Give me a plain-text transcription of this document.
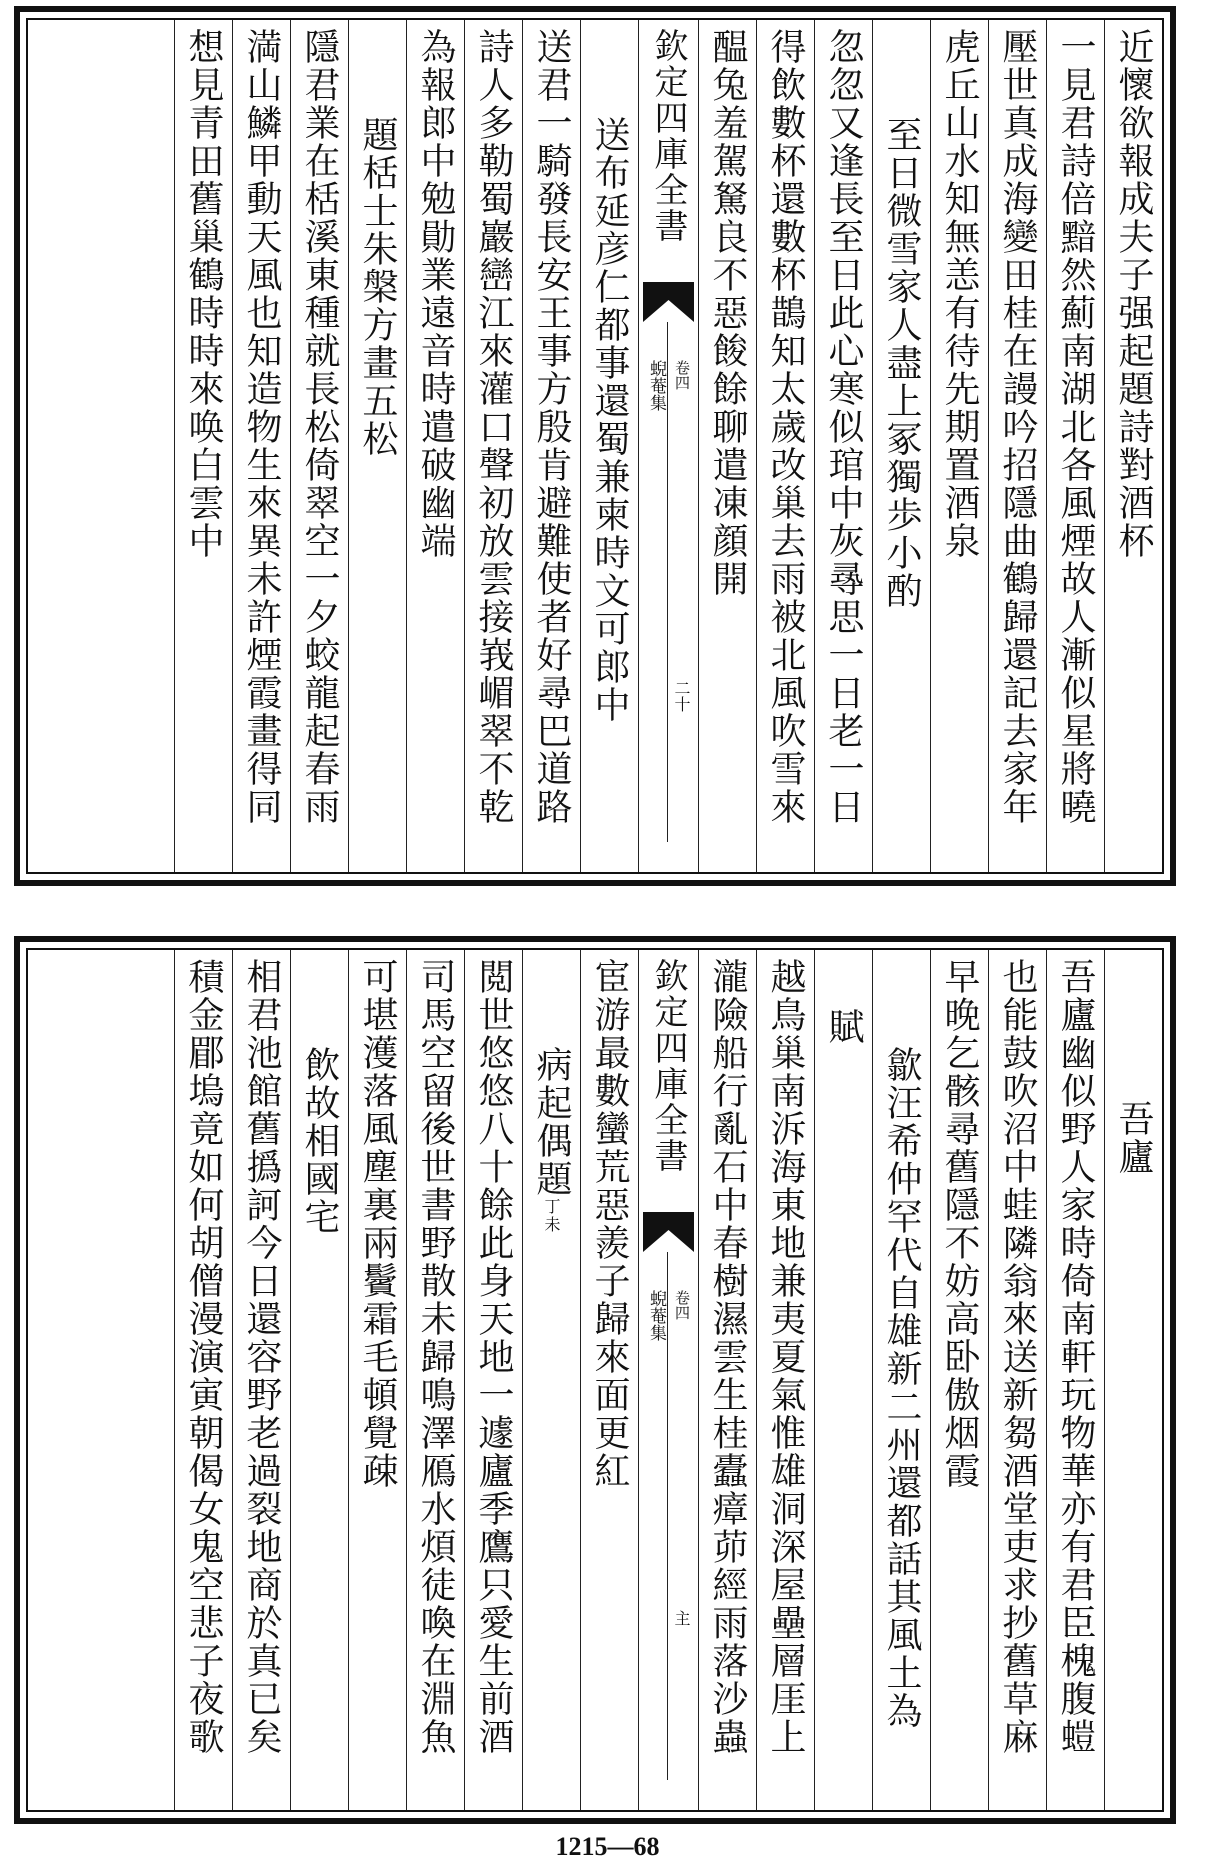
近懷欲報成夫子强起題詩對酒杯
一見君詩倍黯然薊南湖北各風煙故人漸似星將曉
壓世真成海變田桂在謾吟招隱曲鶴歸還記去家年
虎丘山水知無恙有待先期置酒泉
至日微雪家人盡上冢獨歩小酌
忽忽又逢長至日此心寒似琯中灰㝷思一日老一日
得飲數杯還數杯鵲知太歲改巢去雨被北風吹雪來
醖兔羞駕駑良不惡餕餘聊遣凍顔開
欽定四庫全書
蜺菴集 卷四
二十
送布延彦仁都事還蜀兼柬時文可郎中
送君一騎發長安王事方殷肯避難使者好尋巴道路
詩人多勒蜀巖巒江來灌口聲初放雲接峩嵋翠不乾
為報郎中勉勛業遠音時遣破幽端
題栝士朱槃方畫五松
隱君業在栝溪東種就長松倚翠空一夕蛟龍起春雨
満山鱗甲動天風也知造物生來異未許煙霞畫得同
想見青田舊巢鶴時時來唤白雲中
吾廬
吾廬幽似野人家時倚南軒玩物華亦有君臣槐腹螘
也能鼓吹沼中蛙隣翁來送新芻酒堂吏求抄舊草麻
早晚乞骸尋舊隱不妨高卧傲烟霞
歙汪希仲罕代自雄新二州還都話其風土為
賦
越鳥巢南泝海東地兼夷夏氣惟雄洞深屋壘層厓上
瀧險船行亂石中春樹濕雲生桂蠹瘴茆經雨落沙蟲
欽定四庫全書
蜺菴集 卷四
主
宦游最數蠻荒惡羨子歸來面更紅
病起偶題丁未
閲世悠悠八十餘此身天地一遽廬季鷹只愛生前酒
司馬空留後世書野散未歸鳴澤鴈水煩徒喚在淵魚
可堪濩落風塵裏兩鬢霜毛頓覺疎
飲故相國宅
相君池館舊撝訶今日還容野老過裂地商於真已矣
積金郿塢竟如何胡僧漫演寅朝偈女鬼空悲子夜歌
1215—68
